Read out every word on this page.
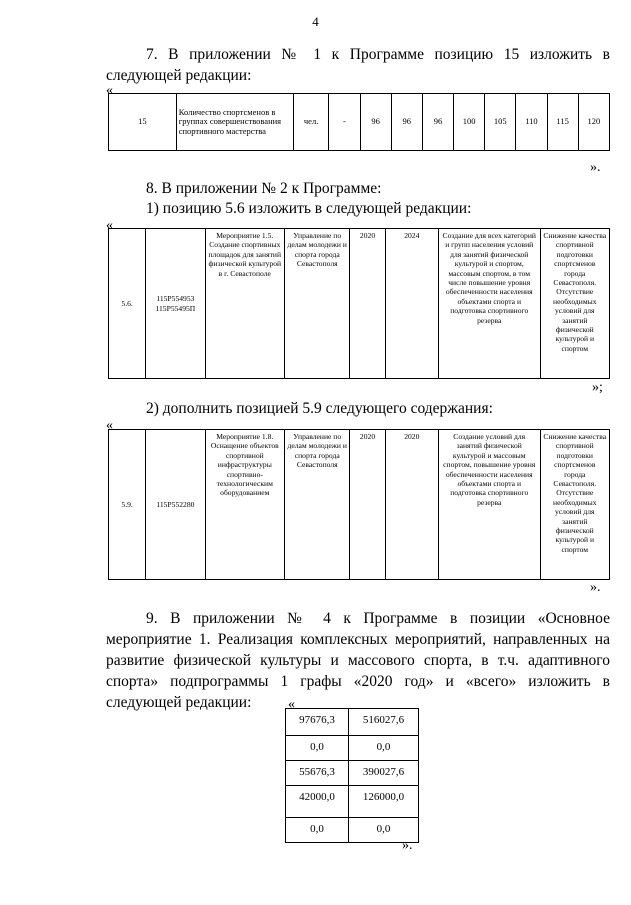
4
7. В приложении № 1 к Программе позицию 15 изложить в следующей редакции:
«
15	Количество спортсменов в группах совершенствования спортивного мастерства	чел.	-	96	96	96	100	105	110	115	120
».
8. В приложении № 2 к Программе:
1) позицию 5.6 изложить в следующей редакции:
«
5.6.	115Р554953 115Р55495П	Мероприятие 1.5. Создание спортивных площадок для занятий физической культурой в г. Севастополе	Управление по делам молодежи и спорта города Севастополя	2020	2024	Создание для всех категорий и групп населения условий для занятий физической культурой и спортом, массовым спортом, в том числе повышение уровня обеспеченности населения объектами спорта и подготовка спортивного резерва	Снижение качества спортивной подготовки спортсменов города Севастополя. Отсутствие необходимых условий для занятий физической культурой и спортом
»;
2) дополнить позицией 5.9 следующего содержания:
«
5.9.	115Р552280	Мероприятие 1.8. Оснащение объектов спортивной инфраструктуры спортивно-технологическим оборудованием	Управление по делам молодежи и спорта города Севастополя	2020	2020	Создание условий для занятий физической культурой и массовым спортом, повышение уровня обеспеченности населения объектами спорта и подготовка спортивного резерва	Снижение качества спортивной подготовки спортсменов города Севастополя. Отсутствие необходимых условий для занятий физической культурой и спортом
».
9. В приложении № 4 к Программе в позиции «Основное мероприятие 1. Реализация комплексных мероприятий, направленных на развитие физической культуры и массового спорта, в т.ч. адаптивного спорта» подпрограммы 1 графы «2020 год» и «всего» изложить в следующей редакции:	«
97676,3	516027,6
0,0	0,0
55676,3	390027,6
42000,0	126000,0
0,0	0,0
».
